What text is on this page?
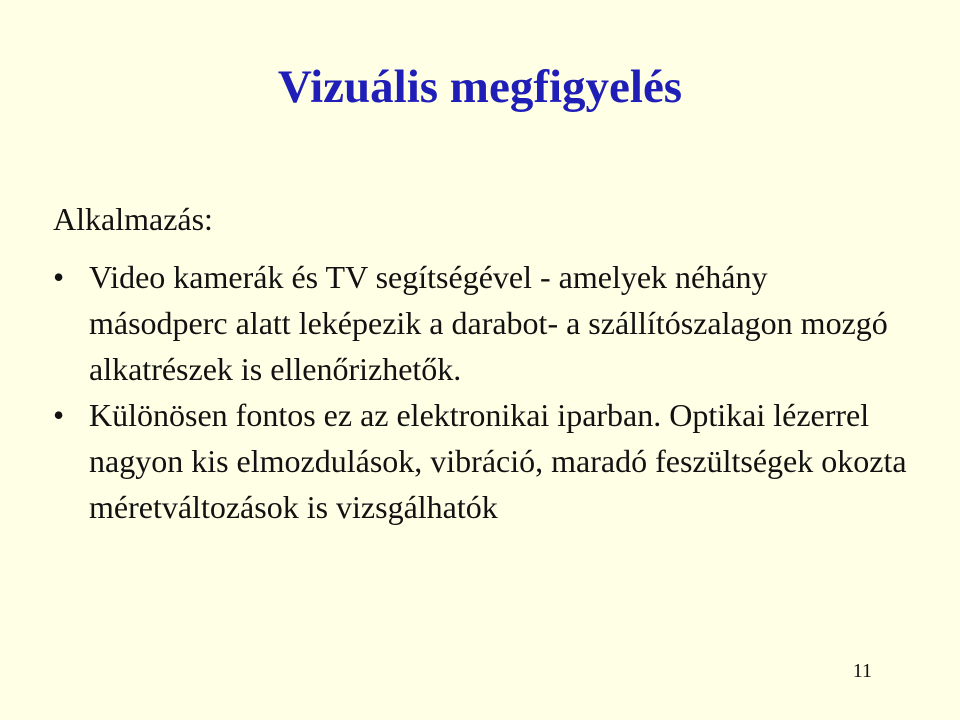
Vizuális megfigyelés

Alkalmazás:

• Video kamerák és TV segítségével - amelyek néhány másodperc alatt leképezik a darabot- a szállítószalagon mozgó alkatrészek is ellenőrizhetők.
• Különösen fontos ez az elektronikai iparban. Optikai lézerrel nagyon kis elmozdulások, vibráció, maradó feszültségek okozta méretváltozások is vizsgálhatók
11
